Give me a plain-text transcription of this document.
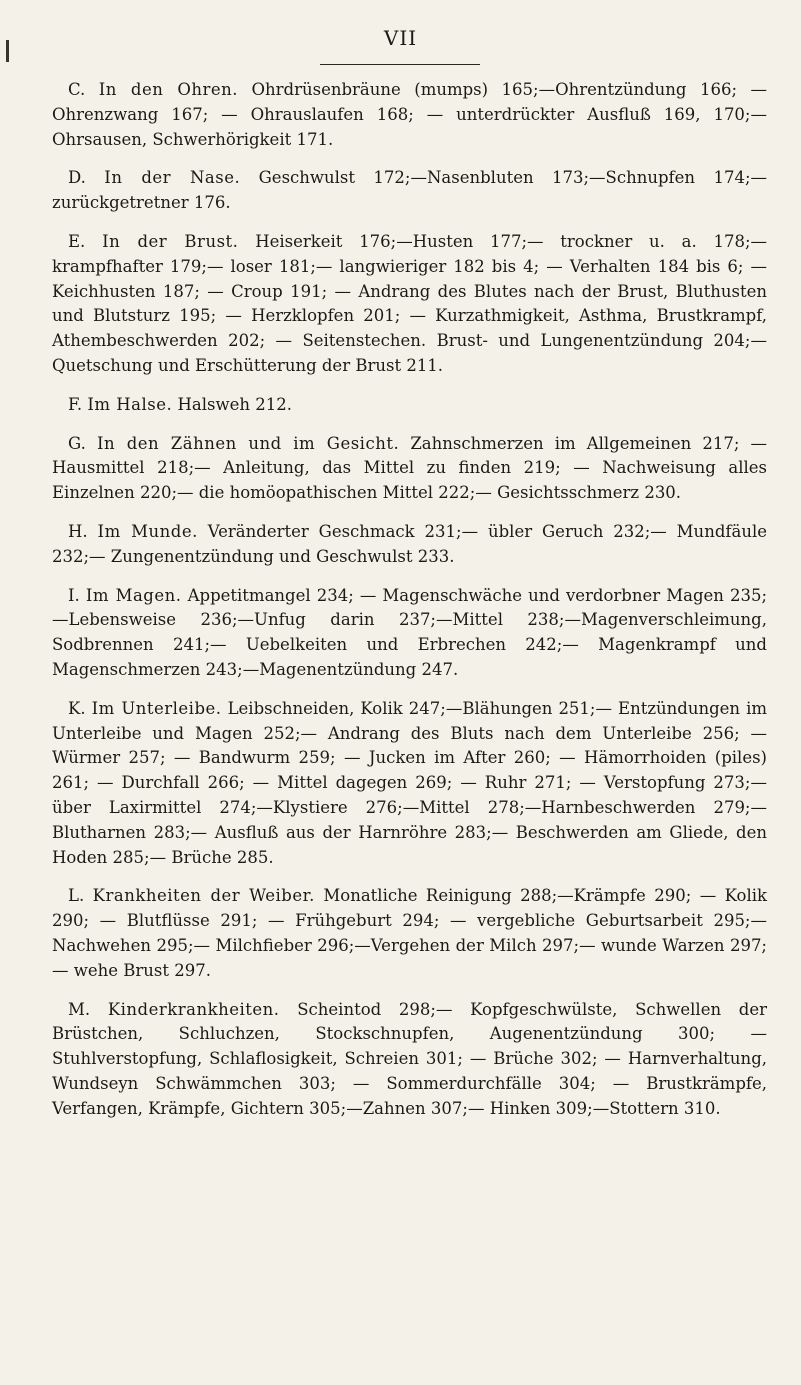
VII

C. In den Ohren. Ohrdrüsenbräune (mumps) 165;—Ohrentzündung 166; — Ohrenzwang 167; — Ohrauslaufen 168; — unterdrückter Ausfluß 169, 170;— Ohrsausen, Schwerhörigkeit 171.

D. In der Nase. Geschwulst 172;—Nasenbluten 173;—Schnupfen 174;— zurückgetretner 176.

E. In der Brust. Heiserkeit 176;—Husten 177;— trockner u. a. 178;— krampfhafter 179;— loser 181;— langwieriger 182 bis 4; — Verhalten 184 bis 6; — Keichhusten 187; — Croup 191; — Andrang des Blutes nach der Brust, Bluthusten und Blutsturz 195; — Herzklopfen 201; — Kurzathmigkeit, Asthma, Brustkrampf, Athembeschwerden 202; — Seitenstechen. Brust- und Lungenentzündung 204;— Quetschung und Erschütterung der Brust 211.

F. Im Halse. Halsweh 212.

G. In den Zähnen und im Gesicht. Zahnschmerzen im Allgemeinen 217; — Hausmittel 218;— Anleitung, das Mittel zu finden 219; — Nachweisung alles Einzelnen 220;— die homöopathischen Mittel 222;— Gesichtsschmerz 230.

H. Im Munde. Veränderter Geschmack 231;— übler Geruch 232;— Mundfäule 232;— Zungenentzündung und Geschwulst 233.

I. Im Magen. Appetitmangel 234; — Magenschwäche und verdorbner Magen 235;—Lebensweise 236;—Unfug darin 237;—Mittel 238;—Magenverschleimung, Sodbrennen 241;— Uebelkeiten und Erbrechen 242;— Magenkrampf und Magenschmerzen 243;—Magenentzündung 247.

K. Im Unterleibe. Leibschneiden, Kolik 247;—Blähungen 251;— Entzündungen im Unterleibe und Magen 252;— Andrang des Bluts nach dem Unterleibe 256; —Würmer 257; — Bandwurm 259; — Jucken im After 260; — Hämorrhoiden (piles) 261; — Durchfall 266; — Mittel dagegen 269; — Ruhr 271; — Verstopfung 273;—über Laxirmittel 274;—Klystiere 276;—Mittel 278;—Harnbeschwerden 279;— Blutharnen 283;— Ausfluß aus der Harnröhre 283;— Beschwerden am Gliede, den Hoden 285;— Brüche 285.

L. Krankheiten der Weiber. Monatliche Reinigung 288;—Krämpfe 290; — Kolik 290; — Blutflüsse 291; — Frühgeburt 294; — vergebliche Geburtsarbeit 295;—Nachwehen 295;— Milchfieber 296;—Vergehen der Milch 297;— wunde Warzen 297;— wehe Brust 297.

M. Kinderkrankheiten. Scheintod 298;— Kopfgeschwülste, Schwellen der Brüstchen, Schluchzen, Stockschnupfen, Augenentzündung 300; — Stuhlverstopfung, Schlaflosigkeit, Schreien 301; — Brüche 302; — Harnverhaltung, Wundseyn Schwämmchen 303; — Sommerdurchfälle 304; — Brustkrämpfe, Verfangen, Krämpfe, Gichtern 305;—Zahnen 307;— Hinken 309;—Stottern 310.
